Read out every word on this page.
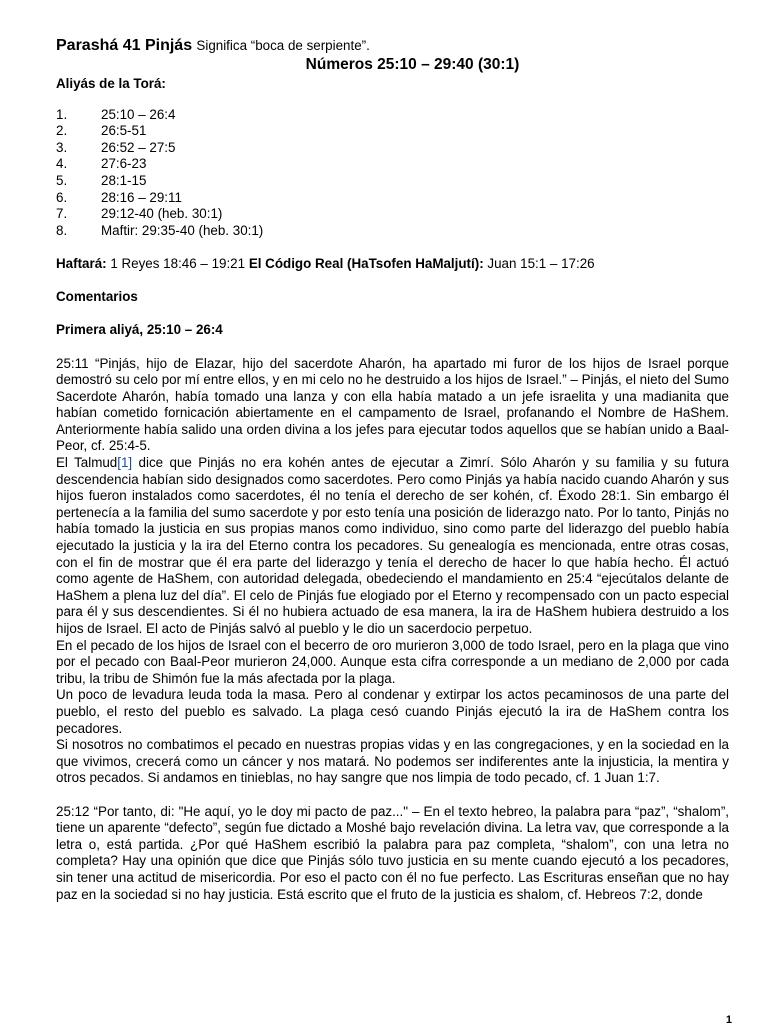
Parashá 41 Pinjás Significa “boca de serpiente”.
Números 25:10 – 29:40 (30:1)
Aliyás de la Torá:
1.	25:10 – 26:4
2.	26:5-51
3.	26:52 – 27:5
4.	27:6-23
5.	28:1-15
6.	28:16 – 29:11
7.	29:12-40 (heb. 30:1)
8.	Maftir: 29:35-40 (heb. 30:1)
Haftará: 1 Reyes 18:46 – 19:21 El Código Real (HaTsofen HaMaljutí): Juan 15:1 – 17:26
Comentarios
Primera aliyá, 25:10 – 26:4

25:11 “Pinjás, hijo de Elazar, hijo del sacerdote Aharón, ha apartado mi furor de los hijos de Israel porque demostró su celo por mí entre ellos, y en mi celo no he destruido a los hijos de Israel.” – Pinjás, el nieto del Sumo Sacerdote Aharón, había tomado una lanza y con ella había matado a un jefe israelita y una madianita que habían cometido fornicación abiertamente en el campamento de Israel, profanando el Nombre de HaShem. Anteriormente había salido una orden divina a los jefes para ejecutar todos aquellos que se habían unido a Baal-Peor, cf. 25:4-5.

El Talmud[1] dice que Pinjás no era kohén antes de ejecutar a Zimrí. Sólo Aharón y su familia y su futura descendencia habían sido designados como sacerdotes. Pero como Pinjás ya había nacido cuando Aharón y sus hijos fueron instalados como sacerdotes, él no tenía el derecho de ser kohén, cf. Éxodo 28:1. Sin embargo él pertenecía a la familia del sumo sacerdote y por esto tenía una posición de liderazgo nato. Por lo tanto, Pinjás no había tomado la justicia en sus propias manos como individuo, sino como parte del liderazgo del pueblo había ejecutado la justicia y la ira del Eterno contra los pecadores. Su genealogía es mencionada, entre otras cosas, con el fin de mostrar que él era parte del liderazgo y tenía el derecho de hacer lo que había hecho. Él actuó como agente de HaShem, con autoridad delegada, obedeciendo el mandamiento en 25:4 “ejecútalos delante de HaShem a plena luz del día”. El celo de Pinjás fue elogiado por el Eterno y recompensado con un pacto especial para él y sus descendientes. Si él no hubiera actuado de esa manera, la ira de HaShem hubiera destruido a los hijos de Israel. El acto de Pinjás salvó al pueblo y le dio un sacerdocio perpetuo.

En el pecado de los hijos de Israel con el becerro de oro murieron 3,000 de todo Israel, pero en la plaga que vino por el pecado con Baal-Peor murieron 24,000. Aunque esta cifra corresponde a un mediano de 2,000 por cada tribu, la tribu de Shimón fue la más afectada por la plaga.

Un poco de levadura leuda toda la masa. Pero al condenar y extirpar los actos pecaminosos de una parte del pueblo, el resto del pueblo es salvado. La plaga cesó cuando Pinjás ejecutó la ira de HaShem contra los pecadores.

Si nosotros no combatimos el pecado en nuestras propias vidas y en las congregaciones, y en la sociedad en la que vivimos, crecerá como un cáncer y nos matará. No podemos ser indiferentes ante la injusticia, la mentira y otros pecados. Si andamos en tinieblas, no hay sangre que nos limpia de todo pecado, cf. 1 Juan 1:7.

25:12 “Por tanto, di: "He aquí, yo le doy mi pacto de paz..." – En el texto hebreo, la palabra para “paz”, “shalom”, tiene un aparente “defecto”, según fue dictado a Moshé bajo revelación divina. La letra vav, que corresponde a la letra o, está partida. ¿Por qué HaShem escribió la palabra para paz completa, “shalom”, con una letra no completa? Hay una opinión que dice que Pinjás sólo tuvo justicia en su mente cuando ejecutó a los pecadores, sin tener una actitud de misericordia. Por eso el pacto con él no fue perfecto. Las Escrituras enseñan que no hay paz en la sociedad si no hay justicia. Está escrito que el fruto de la justicia es shalom, cf. Hebreos 7:2, donde

1
